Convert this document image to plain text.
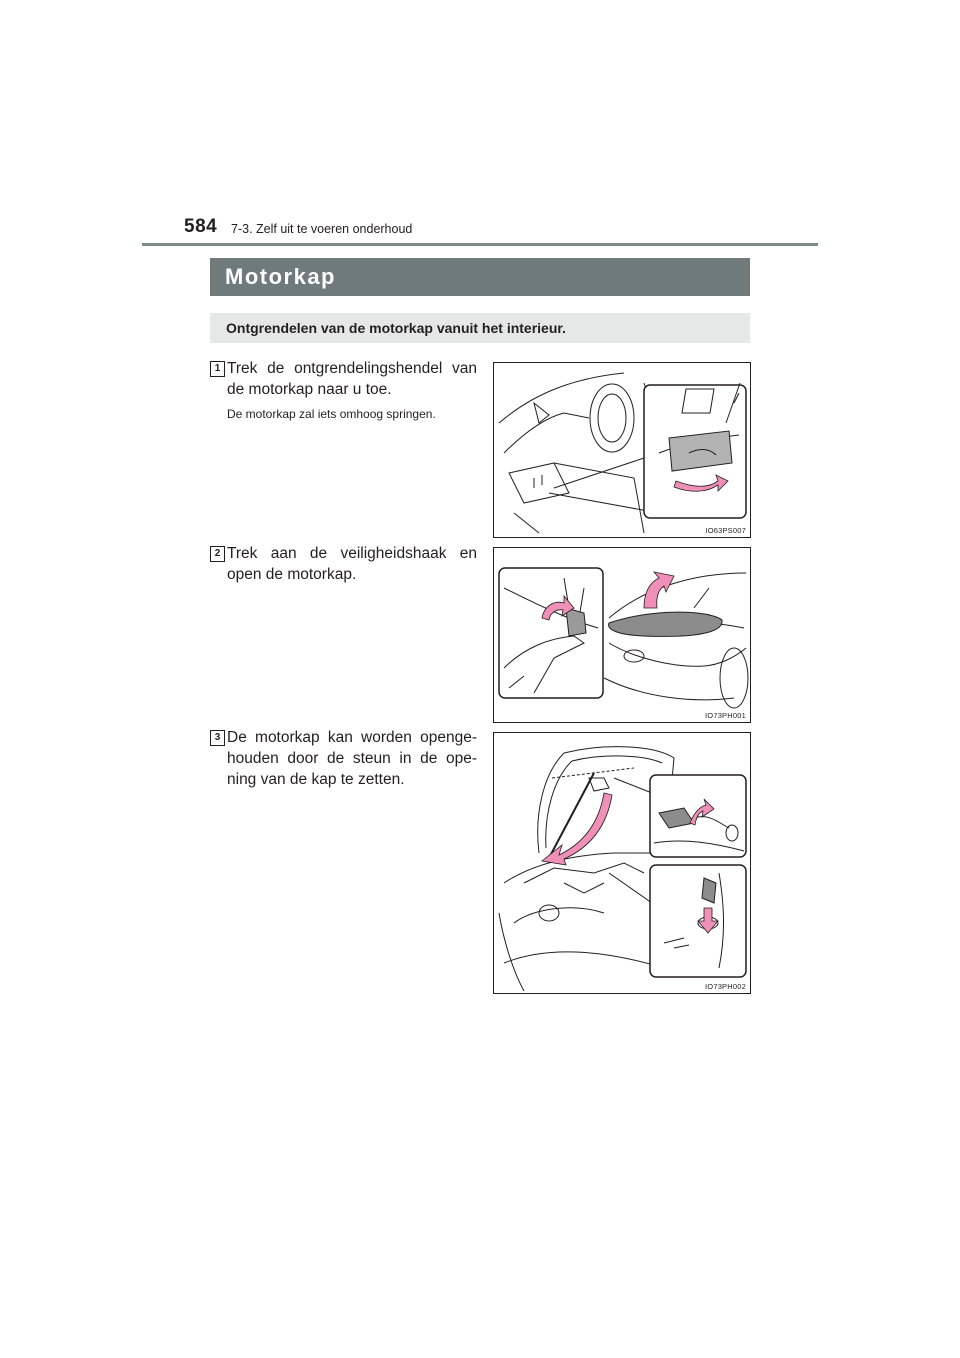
584 7-3. Zelf uit te voeren onderhoud
Motorkap
Ontgrendelen van de motorkap vanuit het interieur.
1 Trek de ontgrendelingshendel van de motorkap naar u toe.
De motorkap zal iets omhoog springen.
IO63PS007
2 Trek aan de veiligheidshaak en open de motorkap.
IO73PH001
3 De motorkap kan worden openge-houden door de steun in de ope-ning van de kap te zetten.
IO73PH002
